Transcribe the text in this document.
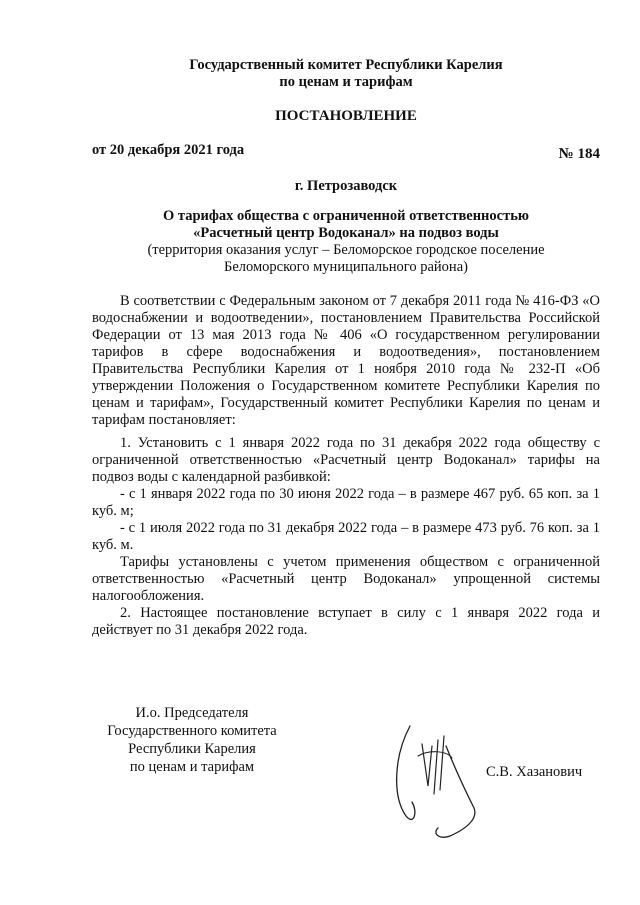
Государственный комитет Республики Карелия
по ценам и тарифам
ПОСТАНОВЛЕНИЕ
от 20 декабря 2021 года	№ 184
г. Петрозаводск
О тарифах общества с ограниченной ответственностью
«Расчетный центр Водоканал» на подвоз воды
(территория оказания услуг – Беломорское городское поселение
Беломорского муниципального района)

В соответствии с Федеральным законом от 7 декабря 2011 года № 416-ФЗ «О водоснабжении и водоотведении», постановлением Правительства Российской Федерации от 13 мая 2013 года № 406 «О государственном регулировании тарифов в сфере водоснабжения и водоотведения», постановлением Правительства Республики Карелия от 1 ноября 2010 года № 232-П «Об утверждении Положения о Государственном комитете Республики Карелия по ценам и тарифам», Государственный комитет Республики Карелия по ценам и тарифам постановляет:

1. Установить с 1 января 2022 года по 31 декабря 2022 года обществу с ограниченной ответственностью «Расчетный центр Водоканал» тарифы на подвоз воды с календарной разбивкой:

- с 1 января 2022 года по 30 июня 2022 года – в размере 467 руб. 65 коп. за 1 куб. м;

- с 1 июля 2022 года по 31 декабря 2022 года – в размере 473 руб. 76 коп. за 1 куб. м.

Тарифы установлены с учетом применения обществом с ограниченной ответственностью «Расчетный центр Водоканал» упрощенной системы налогообложения.

2. Настоящее постановление вступает в силу с 1 января 2022 года и действует по 31 декабря 2022 года.

И.о. Председателя
Государственного комитета
Республики Карелия
по ценам и тарифам	С.В. Хазанович
